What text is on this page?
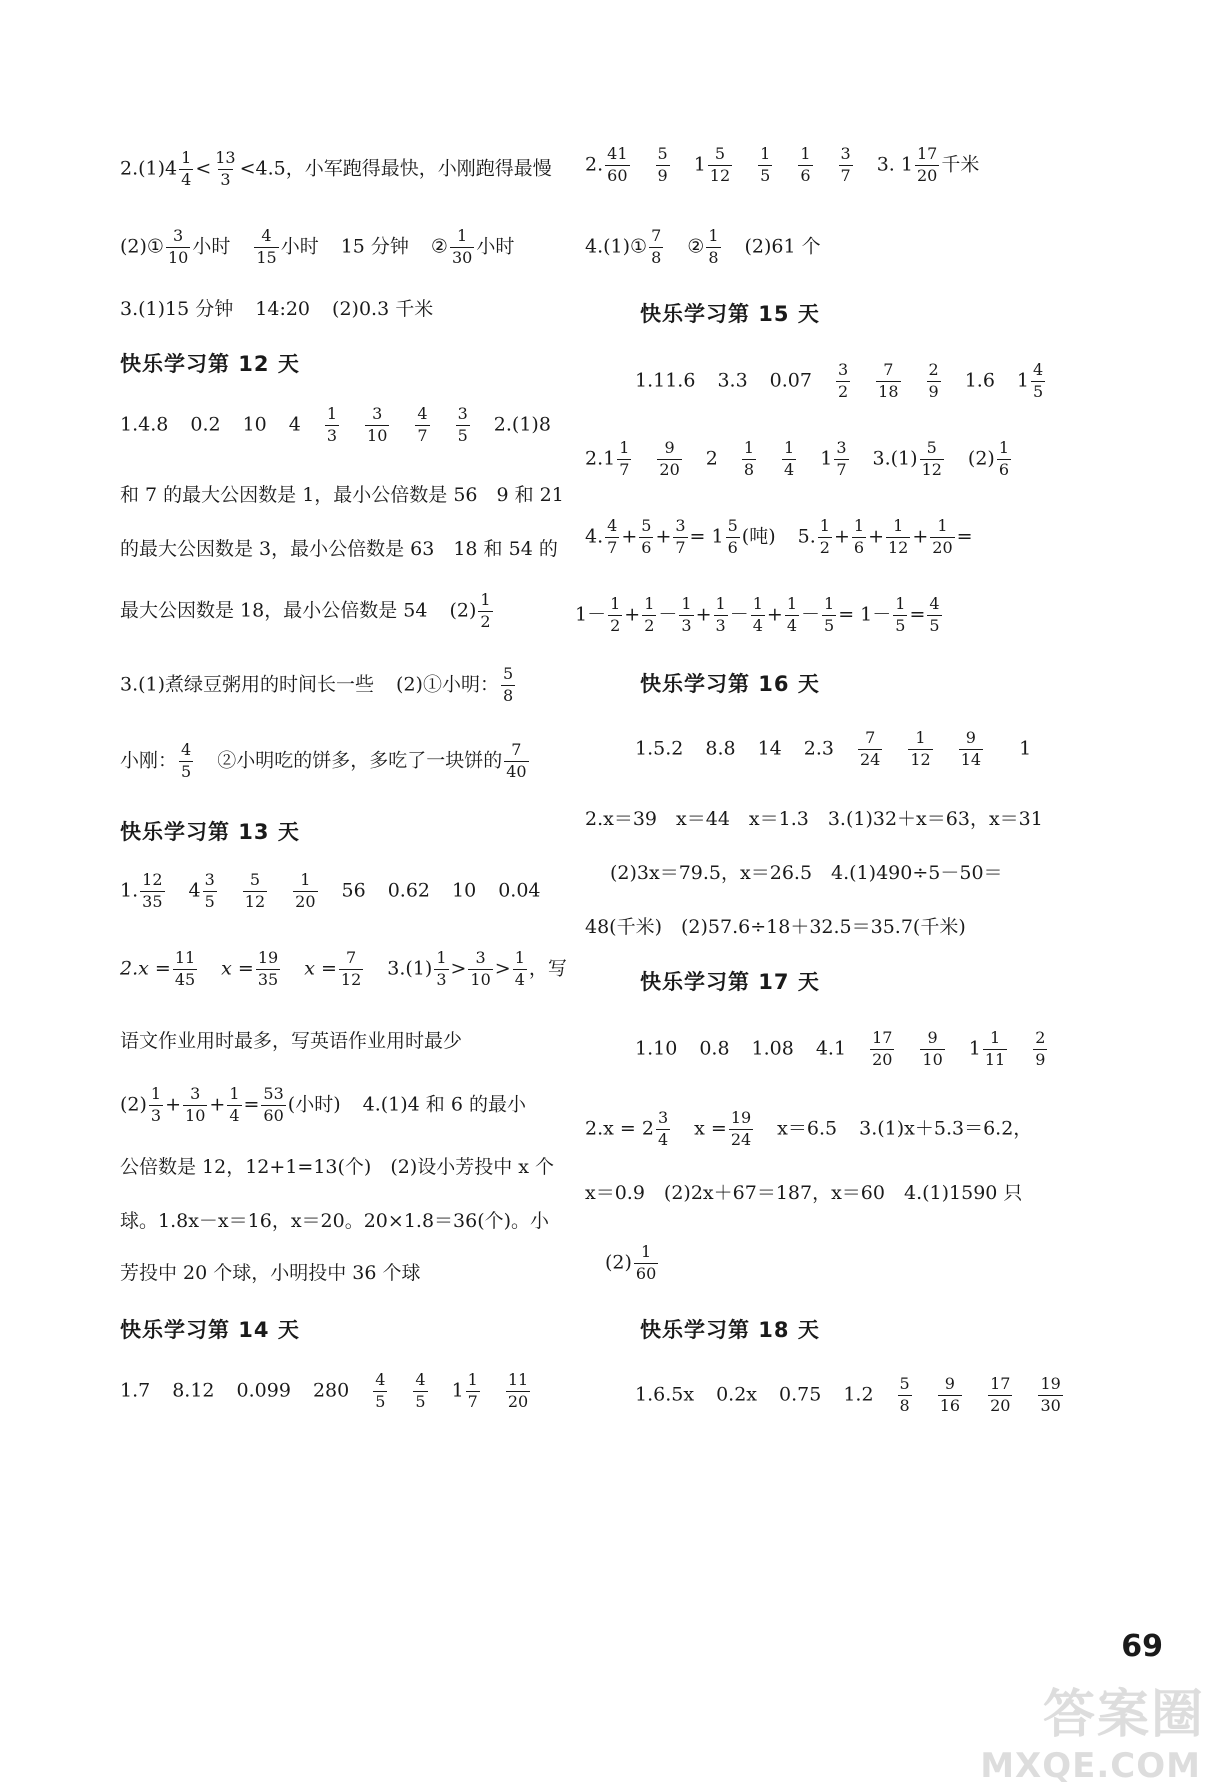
$2.(1)4 \frac{1}{4} < \frac{13}{3} <4.5$，小军跑得最快，小刚跑得最慢
(2)① $\frac{3}{10}$ 小时 $\frac{4}{15}$ 小时 15 分钟 ② $\frac{1}{30}$ 小时
3.(1)15 分钟 14:20 (2)0.3 千米
快乐学习第 12 天
1.4.8 0.2 10 $4 \frac{1}{3} \frac{3}{10} \frac{4}{7} \frac{3}{5} 2.(1)8$
和 7 的最大公因数是 1，最小公倍数是 56　9 和 21
的最大公因数是 3，最小公倍数是 63　18 和 54 的
最大公因数是 18，最小公倍数是 54 $(2) \frac{1}{2}$
3.(1)煮绿豆粥用的时间长一些 (2)①小明： $\frac{5}{8}$
小刚： $\frac{4}{5}$ ②小明吃的饼多，多吃了一块饼的 $\frac{7}{40}$
快乐学习第 13 天
1. $\frac{12}{35} 4 \frac{3}{5} \frac{5}{12} \frac{1}{20} 56$ 0.62 10 0.04
$2.x = \frac{11}{45}$ $x = \frac{19}{35}$ $x = \frac{7}{12} 3.(1) \frac{1}{3} > \frac{3}{10} > \frac{1}{4}$ ，写
语文作业用时最多，写英语作业用时最少
$(2) \frac{1}{3} + \frac{3}{10} + \frac{1}{4} = \frac{53}{60}$ (小时) 4.(1)4 和 6 的最小
公倍数是 12，12+1=13(个)　(2)设小芳投中 x 个
球。1.8x－x＝16，x＝20。20×1.8＝36(个)。小
芳投中 20 个球，小明投中 36 个球
快乐学习第 14 天
1.7 8.12 0.099 $280 \frac{4}{5} \frac{4}{5} 1 \frac{1}{7} \frac{11}{20}$
2. $\frac{41}{60} \frac{5}{9} 1 \frac{5}{12} \frac{1}{5} \frac{1}{6} \frac{3}{7} 3$. $1 \frac{17}{20}$ 千米
4.(1)① $\frac{7}{8}$ ② $\frac{1}{8} (2)61$ 个
快乐学习第 15 天
1.11.6 3.3 $0.07 \frac{3}{2} \frac{7}{18} \frac{2}{9} 1.6$ $1 \frac{4}{5}$
$2.1 \frac{1}{7} \frac{9}{20} 2 \frac{1}{8} \frac{1}{4} 1 \frac{3}{7} 3.(1) \frac{5}{12} (2) \frac{1}{6}$
4. $\frac{4}{7} + \frac{5}{6} + \frac{3}{7} = 1 \frac{5}{6}$ (吨) 5. $\frac{1}{2} + \frac{1}{6} + \frac{1}{12} + \frac{1}{20}$ =
$1- \frac{1}{2} + \frac{1}{2} - \frac{1}{3} + \frac{1}{3} - \frac{1}{4} + \frac{1}{4} - \frac{1}{5} = 1- \frac{1}{5} = \frac{4}{5}$
快乐学习第 16 天
1.5.2 8.8 14 $2.3 \frac{7}{24} \frac{1}{12} \frac{9}{14} 1$
2.x＝39　x＝44　x＝1.3　3.(1)32＋x＝63，x＝31
(2)3x＝79.5，x＝26.5　4.(1)490÷5－50＝
48(千米)　(2)57.6÷18＋32.5＝35.7(千米)
快乐学习第 17 天
1.10 0.8 1.08 $4.1 \frac{17}{20} \frac{9}{10} 1 \frac{1}{11} \frac{2}{9}$
$2.x = 2 \frac{3}{4}$ $x = \frac{19}{24} x=6.5$ 3.(1)x＋5.3＝6.2，
x＝0.9　(2)2x＋67＝187，x＝60　4.(1)1590 只
$(2) \frac{1}{60}$
快乐学习第 18 天
1.6.5x 0.2x 0.75 $1.2 \frac{5}{8} \frac{9}{16} \frac{17}{20} \frac{19}{30}$
69
答案圈
MXQE.COM
